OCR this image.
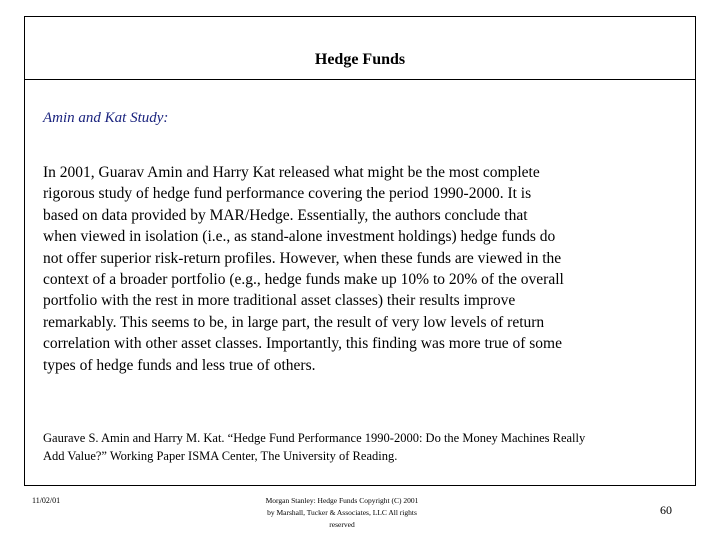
Hedge Funds
Amin and Kat Study:
In 2001, Guarav Amin and Harry Kat released what might be the most complete
rigorous study of hedge fund performance covering the period 1990-2000. It is
based on data provided by MAR/Hedge. Essentially, the authors conclude that
when viewed in isolation (i.e., as stand-alone investment holdings) hedge funds do
not offer superior risk-return profiles. However, when these funds are viewed in the
context of a broader portfolio (e.g., hedge funds make up 10% to 20% of the overall
portfolio with the rest in more traditional asset classes) their results improve
remarkably. This seems to be, in large part, the result of very low levels of return
correlation with other asset classes. Importantly, this finding was more true of some
types of hedge funds and less true of others.
Gaurave S. Amin and Harry M. Kat. “Hedge Fund Performance 1990-2000: Do the Money Machines Really
Add Value?” Working Paper ISMA Center, The University of Reading.
11/02/01	Morgan Stanley: Hedge Funds Copyright (C) 2001
by Marshall, Tucker & Associates, LLC All rights
reserved
60
